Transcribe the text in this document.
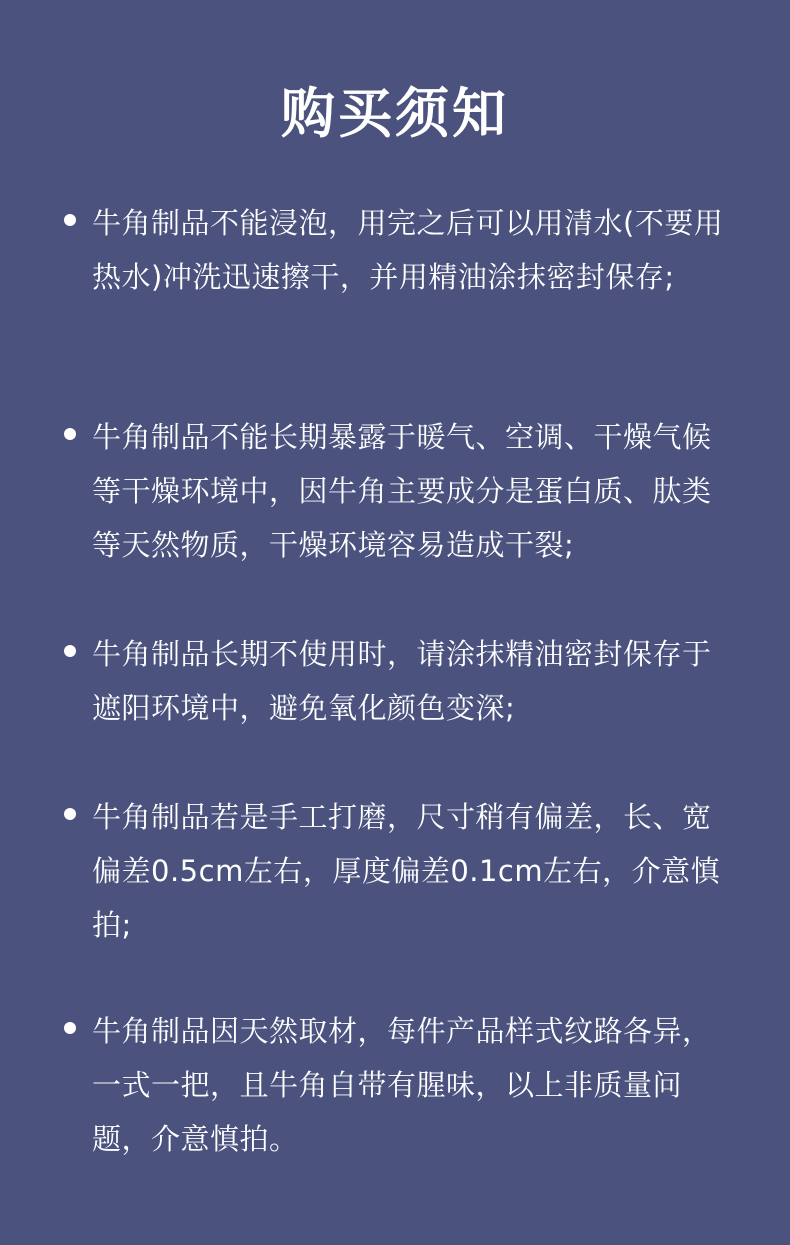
购买须知
牛角制品不能浸泡，用完之后可以用清水(不要用热水)冲洗迅速擦干，并用精油涂抹密封保存;
牛角制品不能长期暴露于暖气、空调、干燥气候等干燥环境中，因牛角主要成分是蛋白质、肽类等天然物质，干燥环境容易造成干裂;
牛角制品长期不使用时，请涂抹精油密封保存于遮阳环境中，避免氧化颜色变深;
牛角制品若是手工打磨，尺寸稍有偏差，长、宽偏差0.5cm左右，厚度偏差0.1cm左右，介意慎拍;
牛角制品因天然取材，每件产品样式纹路各异，一式一把，且牛角自带有腥味，以上非质量问题，介意慎拍。
